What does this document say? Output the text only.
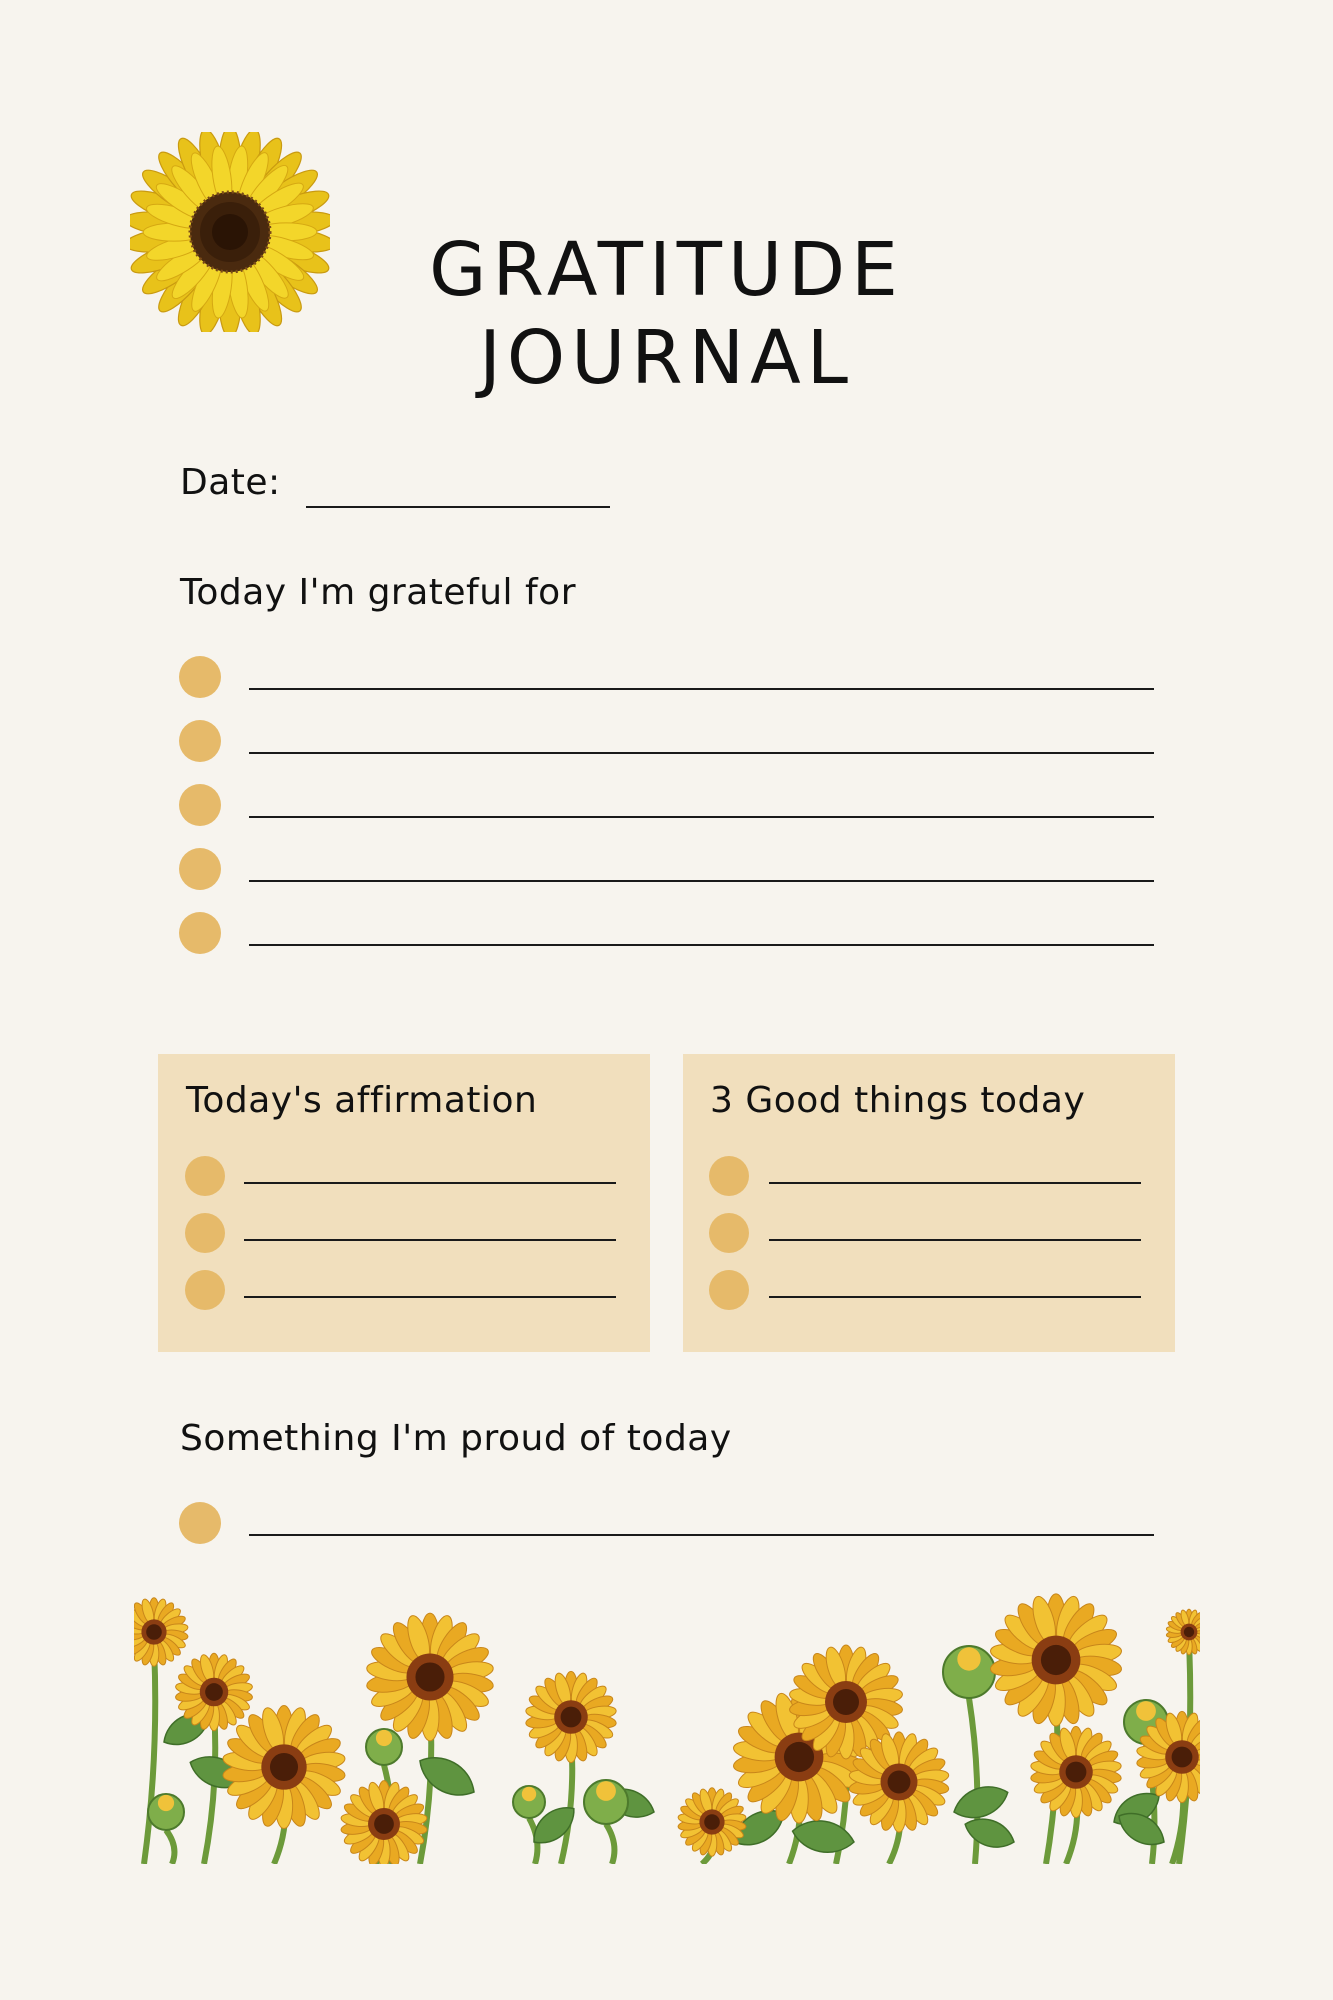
GRATITUDE
JOURNAL
Date:
Today I'm grateful for
Today's affirmation	3 Good things today
Something I'm proud of today
